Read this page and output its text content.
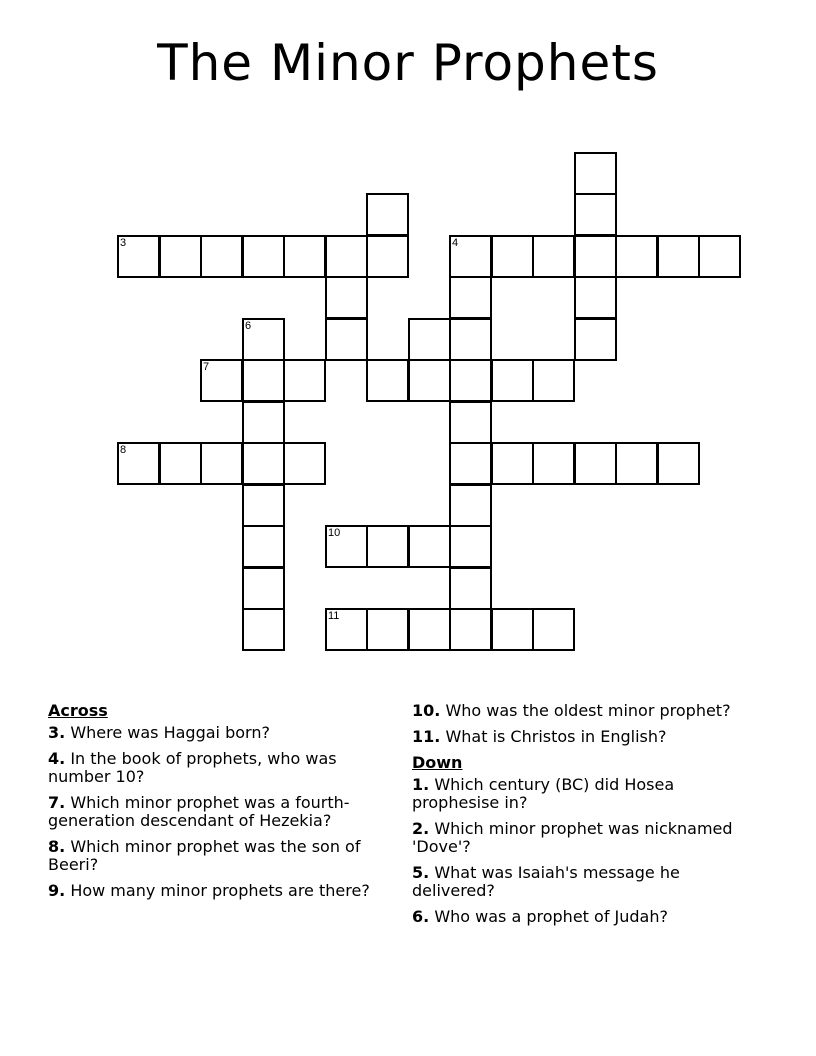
The Minor Prophets
3	4
6
7
8
10
11
Across
3. Where was Haggai born?
4. In the book of prophets, who was number 10?
7. Which minor prophet was a fourth-generation descendant of Hezekia?
8. Which minor prophet was the son of Beeri?
9. How many minor prophets are there?
10. Who was the oldest minor prophet?
11. What is Christos in English?
Down
1. Which century (BC) did Hosea prophesise in?
2. Which minor prophet was nicknamed 'Dove'?
5. What was Isaiah's message he delivered?
6. Who was a prophet of Judah?
